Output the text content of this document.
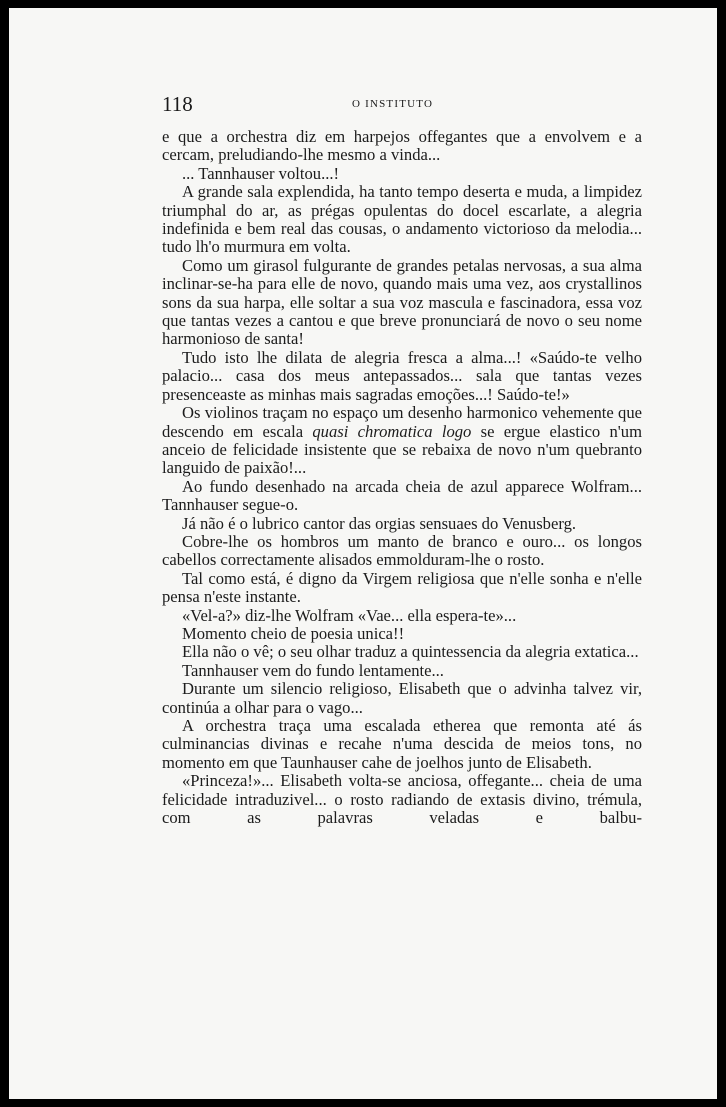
118	O INSTITUTO

e que a orchestra diz em harpejos offegantes que a envolvem e a cercam, preludiando-lhe mesmo a vinda...

... Tannhauser voltou...!

A grande sala explendida, ha tanto tempo deserta e muda, a limpidez triumphal do ar, as prégas opulentas do docel escarlate, a alegria indefinida e bem real das cousas, o andamento victorioso da melodia... tudo lh'o murmura em volta.

Como um girasol fulgurante de grandes petalas nervosas, a sua alma inclinar-se-ha para elle de novo, quando mais uma vez, aos crystallinos sons da sua harpa, elle soltar a sua voz mascula e fascinadora, essa voz que tantas vezes a cantou e que breve pronunciará de novo o seu nome harmonioso de santa!

Tudo isto lhe dilata de alegria fresca a alma...! «Saúdo-te velho palacio... casa dos meus antepassados... sala que tantas vezes presenceaste as minhas mais sagradas emoções...! Saúdo-te!»

Os violinos traçam no espaço um desenho harmonico vehemente que descendo em escala quasi chromatica logo se ergue elastico n'um anceio de felicidade insistente que se rebaixa de novo n'um quebranto languido de paixão!...

Ao fundo desenhado na arcada cheia de azul apparece Wolfram... Tannhauser segue-o.

Já não é o lubrico cantor das orgias sensuaes do Venusberg.

Cobre-lhe os hombros um manto de branco e ouro... os longos cabellos correctamente alisados emmolduram-lhe o rosto.

Tal como está, é digno da Virgem religiosa que n'elle sonha e n'elle pensa n'este instante.

«Vel-a?» diz-lhe Wolfram «Vae... ella espera-te»...

Momento cheio de poesia unica!!

Ella não o vê; o seu olhar traduz a quintessencia da alegria extatica...

Tannhauser vem do fundo lentamente...

Durante um silencio religioso, Elisabeth que o advinha talvez vir, continúa a olhar para o vago...

A orchestra traça uma escalada etherea que remonta até ás culminancias divinas e recahe n'uma descida de meios tons, no momento em que Taunhauser cahe de joelhos junto de Elisabeth.

«Princeza!»... Elisabeth volta-se anciosa, offegante... cheia de uma felicidade intraduzivel... o rosto radiando de extasis divino, trémula, com as palavras veladas e balbu-
